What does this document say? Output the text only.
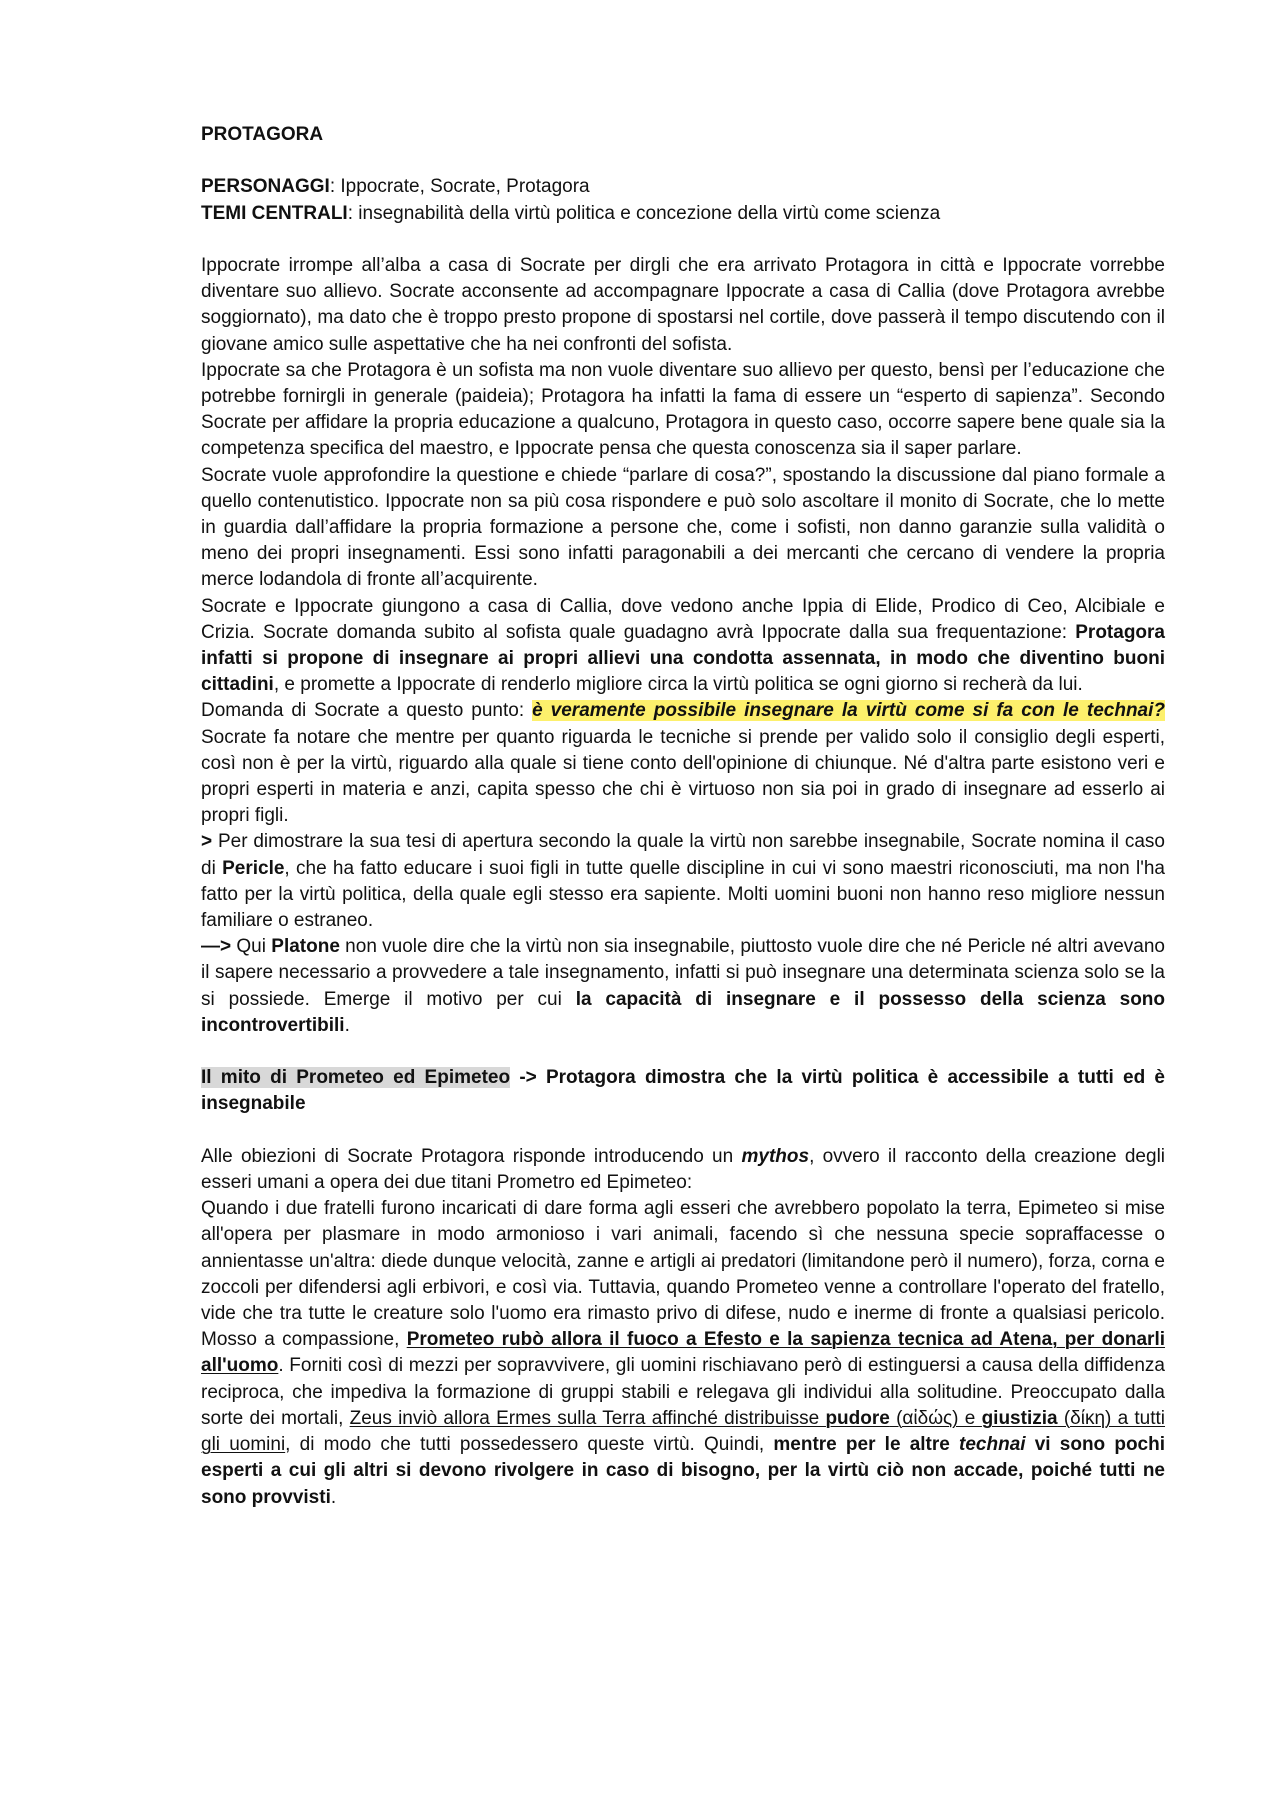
PROTAGORA

PERSONAGGI: Ippocrate, Socrate, Protagora

TEMI CENTRALI: insegnabilità della virtù politica e concezione della virtù come scienza

Ippocrate irrompe all’alba a casa di Socrate per dirgli che era arrivato Protagora in città e Ippocrate vorrebbe diventare suo allievo. Socrate acconsente ad accompagnare Ippocrate a casa di Callia (dove Protagora avrebbe soggiornato), ma dato che è troppo presto propone di spostarsi nel cortile, dove passerà il tempo discutendo con il giovane amico sulle aspettative che ha nei confronti del sofista.

Ippocrate sa che Protagora è un sofista ma non vuole diventare suo allievo per questo, bensì per l’educazione che potrebbe fornirgli in generale (paideia); Protagora ha infatti la fama di essere un “esperto di sapienza”. Secondo Socrate per affidare la propria educazione a qualcuno, Protagora in questo caso, occorre sapere bene quale sia la competenza specifica del maestro, e Ippocrate pensa che questa conoscenza sia il saper parlare.

Socrate vuole approfondire la questione e chiede “parlare di cosa?”, spostando la discussione dal piano formale a quello contenutistico. Ippocrate non sa più cosa rispondere e può solo ascoltare il monito di Socrate, che lo mette in guardia dall’affidare la propria formazione a persone che, come i sofisti, non danno garanzie sulla validità o meno dei propri insegnamenti. Essi sono infatti paragonabili a dei mercanti che cercano di vendere la propria merce lodandola di fronte all’acquirente.

Socrate e Ippocrate giungono a casa di Callia, dove vedono anche Ippia di Elide, Prodico di Ceo, Alcibiale e Crizia. Socrate domanda subito al sofista quale guadagno avrà Ippocrate dalla sua frequentazione: Protagora infatti si propone di insegnare ai propri allievi una condotta assennata, in modo che diventino buoni cittadini, e promette a Ippocrate di renderlo migliore circa la virtù politica se ogni giorno si recherà da lui.

Domanda di Socrate a questo punto: è veramente possibile insegnare la virtù come si fa con le technai? Socrate fa notare che mentre per quanto riguarda le tecniche si prende per valido solo il consiglio degli esperti, così non è per la virtù, riguardo alla quale si tiene conto dell'opinione di chiunque. Né d'altra parte esistono veri e propri esperti in materia e anzi, capita spesso che chi è virtuoso non sia poi in grado di insegnare ad esserlo ai propri figli.

> Per dimostrare la sua tesi di apertura secondo la quale la virtù non sarebbe insegnabile, Socrate nomina il caso di Pericle, che ha fatto educare i suoi figli in tutte quelle discipline in cui vi sono maestri riconosciuti, ma non l'ha fatto per la virtù politica, della quale egli stesso era sapiente. Molti uomini buoni non hanno reso migliore nessun familiare o estraneo.

—> Qui Platone non vuole dire che la virtù non sia insegnabile, piuttosto vuole dire che né Pericle né altri avevano il sapere necessario a provvedere a tale insegnamento, infatti si può insegnare una determinata scienza solo se la si possiede. Emerge il motivo per cui la capacità di insegnare e il possesso della scienza sono incontrovertibili.

Il mito di Prometeo ed Epimeteo -> Protagora dimostra che la virtù politica è accessibile a tutti ed è insegnabile

Alle obiezioni di Socrate Protagora risponde introducendo un mythos, ovvero il racconto della creazione degli esseri umani a opera dei due titani Prometro ed Epimeteo:

Quando i due fratelli furono incaricati di dare forma agli esseri che avrebbero popolato la terra, Epimeteo si mise all'opera per plasmare in modo armonioso i vari animali, facendo sì che nessuna specie sopraffacesse o annientasse un'altra: diede dunque velocità, zanne e artigli ai predatori (limitandone però il numero), forza, corna e zoccoli per difendersi agli erbivori, e così via. Tuttavia, quando Prometeo venne a controllare l'operato del fratello, vide che tra tutte le creature solo l'uomo era rimasto privo di difese, nudo e inerme di fronte a qualsiasi pericolo. Mosso a compassione, Prometeo rubò allora il fuoco a Efesto e la sapienza tecnica ad Atena, per donarli all'uomo. Forniti così di mezzi per sopravvivere, gli uomini rischiavano però di estinguersi a causa della diffidenza reciproca, che impediva la formazione di gruppi stabili e relegava gli individui alla solitudine. Preoccupato dalla sorte dei mortali, Zeus inviò allora Ermes sulla Terra affinché distribuisse pudore (αἰδώς) e giustizia (δίκη) a tutti gli uomini, di modo che tutti possedessero queste virtù. Quindi, mentre per le altre technai vi sono pochi esperti a cui gli altri si devono rivolgere in caso di bisogno, per la virtù ciò non accade, poiché tutti ne sono provvisti.
